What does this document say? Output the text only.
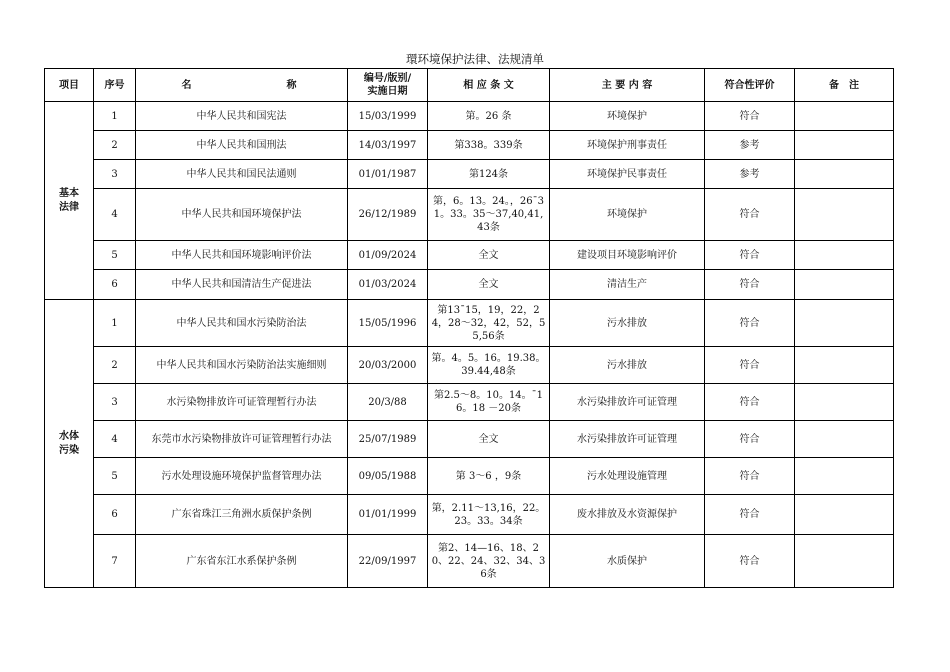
環环境保护法律、法规清单
项目	序号	名　　　　　　称	编号/版别/
实施日期	相 应 条 文	主 要 内 容	符合性评价	备　注
基本法律	1	中华人民共和国宪法	15/03/1999	第。26 条	环境保护	符合	
	2	中华人民共和国刑法	14/03/1997	第338。339条	环境保护刑事责任	参考	
	3	中华人民共和国民法通则	01/01/1987	第124条	环境保护民事责任	参考	
	4	中华人民共和国环境保护法	26/12/1989	第，6。13。24。，26¯31。33。35～37,40,41,43条	环境保护	符合	
	5	中华人民共和国环境影响评价法	01/09/2024	全文	建设项目环境影响评价	符合	
	6	中华人民共和国清洁生产促进法	01/03/2024	全文	清洁生产	符合	
水体污染	1	中华人民共和国水污染防治法	15/05/1996	第13¯15，19，22，24，28～32，42，52，55,56条	污水排放	符合	
	2	中华人民共和国水污染防治法实施细则	20/03/2000	第。4。5。16。19.38。39.44,48条	污水排放	符合	
	3	水污染物排放许可证管理暂行办法	20/3/88	第2.5～8。10。14。¯16。18 －20条	水污染排放许可证管理	符合	
	4	东莞市水污染物排放许可证管理暂行办法	25/07/1989	全文	水污染排放许可证管理	符合	
	5	污水处理设施环境保护监督管理办法	09/05/1988	第 3～6 ，9条	污水处理设施管理	符合	
	6	广东省珠江三角洲水质保护条例	01/01/1999	第，2.11～13,16，22。23。33。34条	废水排放及水资源保护	符合	
	7	广东省东江水系保护条例	22/09/1997	第2、14—16、18、20、22、24、32、34、36条	水质保护	符合	
